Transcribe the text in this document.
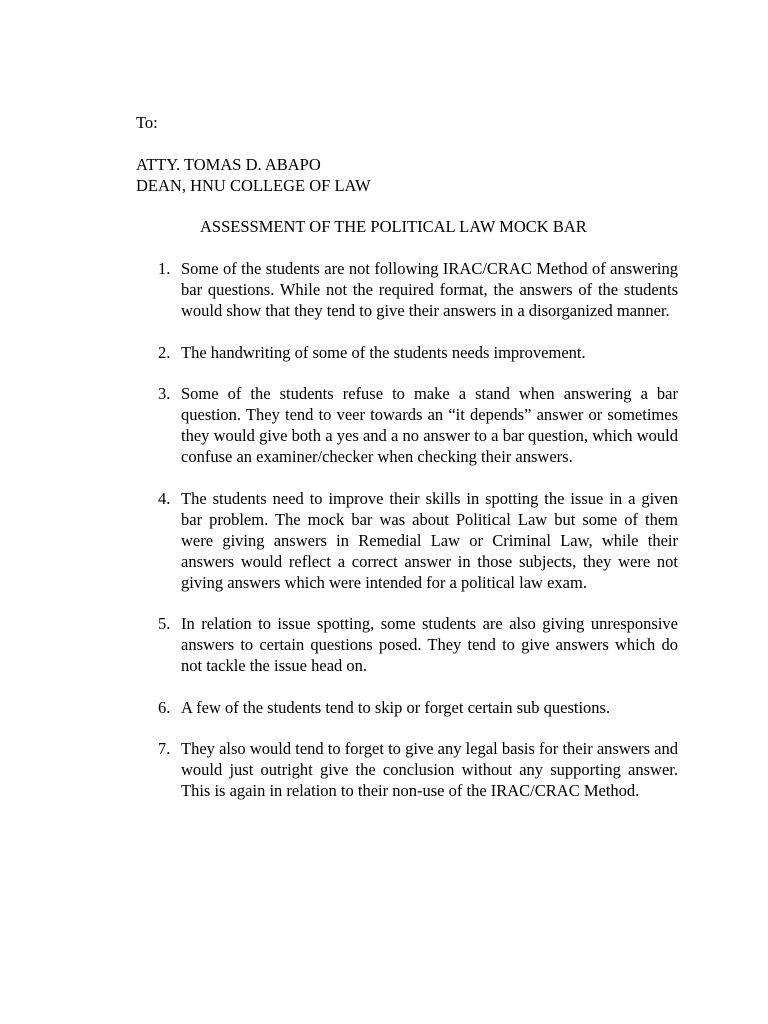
To:
ATTY. TOMAS D. ABAPO
DEAN, HNU COLLEGE OF LAW
ASSESSMENT OF THE POLITICAL LAW MOCK BAR
1. Some of the students are not following IRAC/CRAC Method of answering bar questions. While not the required format, the answers of the students would show that they tend to give their answers in a disorganized manner.
2. The handwriting of some of the students needs improvement.
3. Some of the students refuse to make a stand when answering a bar question. They tend to veer towards an “it depends” answer or sometimes they would give both a yes and a no answer to a bar question, which would confuse an examiner/checker when checking their answers.
4. The students need to improve their skills in spotting the issue in a given bar problem. The mock bar was about Political Law but some of them were giving answers in Remedial Law or Criminal Law, while their answers would reflect a correct answer in those subjects, they were not giving answers which were intended for a political law exam.
5. In relation to issue spotting, some students are also giving unresponsive answers to certain questions posed. They tend to give answers which do not tackle the issue head on.
6. A few of the students tend to skip or forget certain sub questions.
7. They also would tend to forget to give any legal basis for their answers and would just outright give the conclusion without any supporting answer. This is again in relation to their non-use of the IRAC/CRAC Method.
